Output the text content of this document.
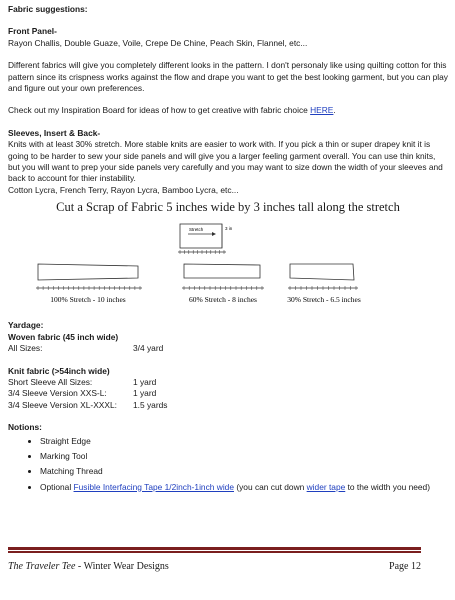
Fabric suggestions:

Front Panel-

Rayon Challis, Double Guaze, Voile, Crepe De Chine, Peach Skin, Flannel, etc...

Different fabrics will give you completely different looks in the pattern. I don't personaly like using quilting cotton for this pattern since its crispness works against the flow and drape you want to get the best looking garment, but you can play and figure out your own preferences.

Check out my Inspiration Board for ideas of how to get creative with fabric choice HERE.

Sleeves, Insert & Back-

Knits with at least 30% stretch. More stable knits are easier to work with. If you pick a thin or super drapey knit it is going to be harder to sew your side panels and will give you a larger feeling garment overall. You can use thin knits, but you will want to prep your side panels very carefully and you may want to size down the width of your sleeves and back to account for thier instability.

Cotton Lycra, French Terry, Rayon Lycra, Bamboo Lycra, etc...

Cut a Scrap of Fabric 5 inches wide by 3 inches tall along the stretch
Stretch	3 in
100% Stretch - 10 inches	60% Stretch - 8 inches	30% Stretch - 6.5 inches

Yardage:

Woven fabric (45 inch wide)

All Sizes:	3/4 yard

Knit fabric (>54inch wide)

Short Sleeve All Sizes:	1 yard
3/4 Sleeve Version XXS-L:	1 yard
3/4 Sleeve Version XL-XXXL:	1.5 yards

Notions:

• Straight Edge
• Marking Tool
• Matching Thread
• Optional Fusible Interfacing Tape 1/2inch-1inch wide (you can cut down wider tape to the width you need)
The Traveler Tee - Winter Wear Designs	Page 12
